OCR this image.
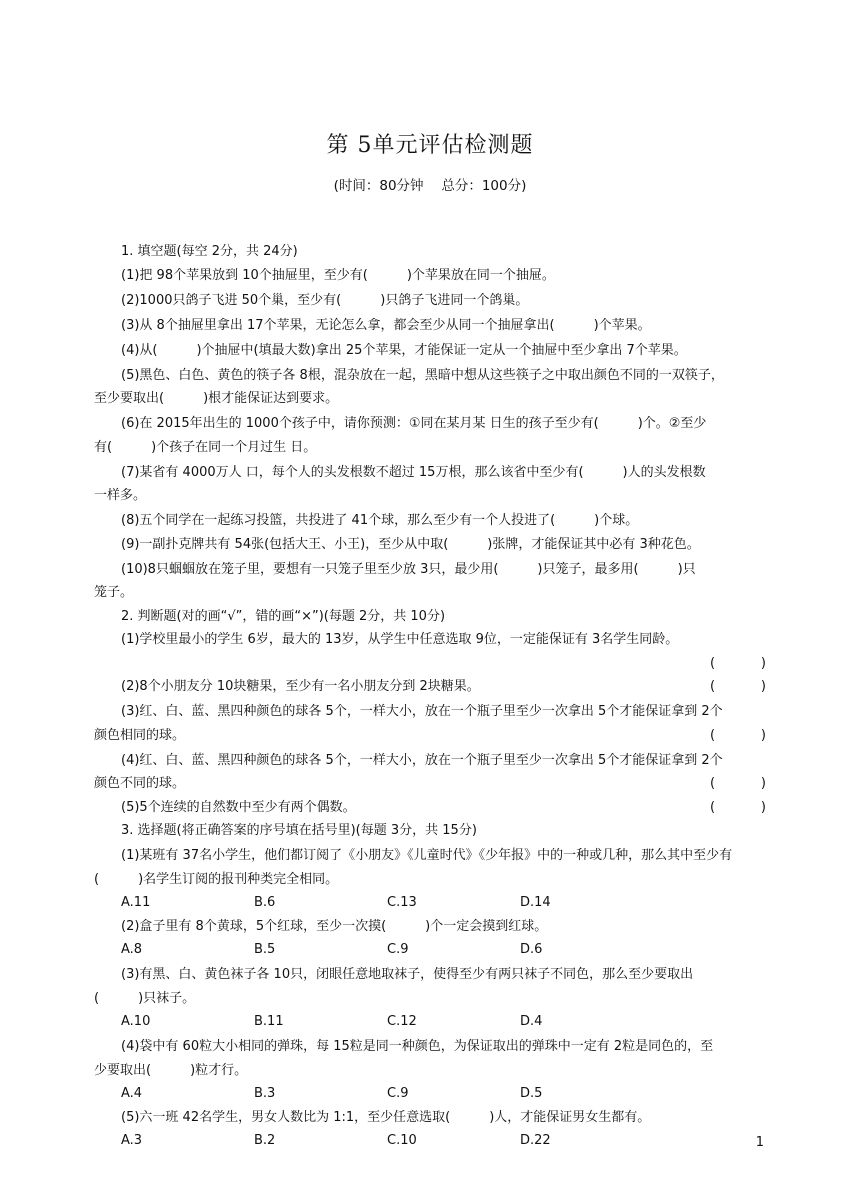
第 5单元评估检测题
(时间：80分钟　 总分：100分)
1. 填空题(每空 2分，共 24分)
(1)把 98个苹果放到 10个抽屉里，至少有(　　　)个苹果放在同一个抽屉。
(2)1000只鸽子飞进 50个巢，至少有(　　　)只鸽子飞进同一个鸽巢。
(3)从 8个抽屉里拿出 17个苹果，无论怎么拿，都会至少从同一个抽屉拿出(　　　)个苹果。
(4)从(　　　)个抽屉中(填最大数)拿出 25个苹果，才能保证一定从一个抽屉中至少拿出 7个苹果。
(5)黑色、白色、黄色的筷子各 8根，混杂放在一起，黑暗中想从这些筷子之中取出颜色不同的一双筷子，
至少要取出(　　　)根才能保证达到要求。
(6)在 2015年出生的 1000个孩子中，请你预测：①同在某月某 日生的孩子至少有(　　　)个。②至少
有(　　　)个孩子在同一个月过生 日。
(7)某省有 4000万人 口，每个人的头发根数不超过 15万根，那么该省中至少有(　　　)人的头发根数
一样多。
(8)五个同学在一起练习投篮，共投进了 41个球，那么至少有一个人投进了(　　　)个球。
(9)一副扑克牌共有 54张(包括大王、小王)，至少从中取(　　　)张牌，才能保证其中必有 3种花色。
(10)8只蝈蝈放在笼子里，要想有一只笼子里至少放 3只，最少用(　　　)只笼子，最多用(　　　)只
笼子。
2. 判断题(对的画“√”，错的画“×”)(每题 2分，共 10分)
(1)学校里最小的学生 6岁，最大的 13岁，从学生中任意选取 9位，一定能保证有 3名学生同龄。
(	)
(2)8个小朋友分 10块糖果，至少有一名小朋友分到 2块糖果。	(	)
(3)红、白、蓝、黑四种颜色的球各 5个，一样大小，放在一个瓶子里至少一次拿出 5个才能保证拿到 2个
颜色相同的球。	(	)
(4)红、白、蓝、黑四种颜色的球各 5个，一样大小，放在一个瓶子里至少一次拿出 5个才能保证拿到 2个
颜色不同的球。	(	)
(5)5个连续的自然数中至少有两个偶数。	(	)
3. 选择题(将正确答案的序号填在括号里)(每题 3分，共 15分)
(1)某班有 37名小学生，他们都订阅了《小朋友》《儿童时代》《少年报》中的一种或几种，那么其中至少有
(　　　)名学生订阅的报刊种类完全相同。
A.11	B.6	C.13	D.14
(2)盒子里有 8个黄球，5个红球，至少一次摸(　　　)个一定会摸到红球。
A.8	B.5	C.9	D.6
(3)有黑、白、黄色袜子各 10只，闭眼任意地取袜子，使得至少有两只袜子不同色，那么至少要取出
(　　　)只袜子。
A.10	B.11	C.12	D.4
(4)袋中有 60粒大小相同的弹珠，每 15粒是同一种颜色，为保证取出的弹珠中一定有 2粒是同色的，至
少要取出(　　　)粒才行。
A.4	B.3	C.9	D.5
(5)六一班 42名学生，男女人数比为 1:1，至少任意选取(　　　)人，才能保证男女生都有。
A.3	B.2	C.10	D.22	1
